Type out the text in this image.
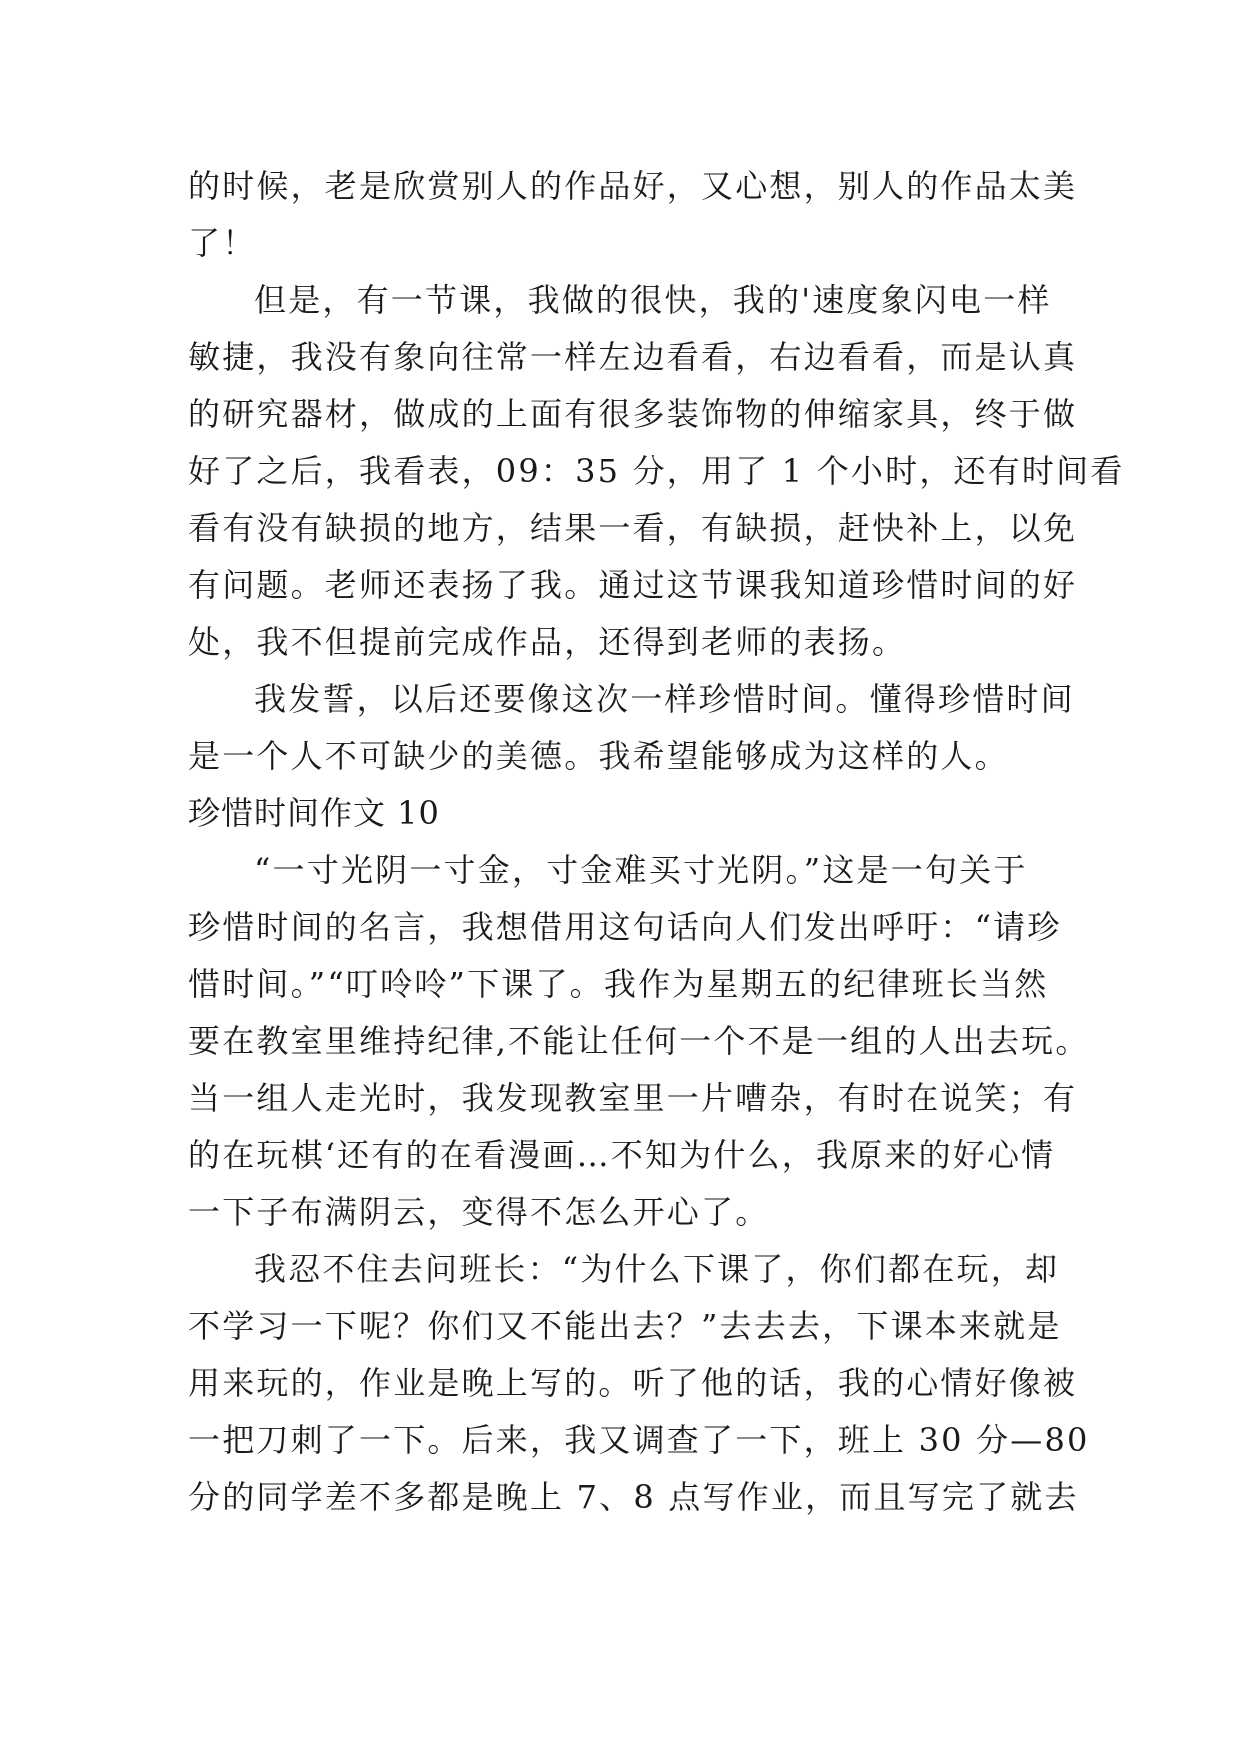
的时候，老是欣赏别人的作品好，又心想，别人的作品太美
了！
但是，有一节课，我做的很快，我的'速度象闪电一样
敏捷，我没有象向往常一样左边看看，右边看看，而是认真
的研究器材，做成的上面有很多装饰物的伸缩家具，终于做
好了之后，我看表，09：35 分，用了 1 个小时，还有时间看
看有没有缺损的地方，结果一看，有缺损，赶快补上，以免
有问题。老师还表扬了我。通过这节课我知道珍惜时间的好
处，我不但提前完成作品，还得到老师的表扬。
我发誓，以后还要像这次一样珍惜时间。懂得珍惜时间
是一个人不可缺少的美德。我希望能够成为这样的人。
珍惜时间作文 10
“一寸光阴一寸金，寸金难买寸光阴。”这是一句关于
珍惜时间的名言，我想借用这句话向人们发出呼吁：“请珍
惜时间。”“叮呤呤”下课了。我作为星期五的纪律班长当然
要在教室里维持纪律,不能让任何一个不是一组的人出去玩。
当一组人走光时，我发现教室里一片嘈杂，有时在说笑；有
的在玩棋‘还有的在看漫画…不知为什么，我原来的好心情
一下子布满阴云，变得不怎么开心了。
我忍不住去问班长：“为什么下课了，你们都在玩，却
不学习一下呢？你们又不能出去？”去去去，下课本来就是
用来玩的，作业是晚上写的。听了他的话，我的心情好像被
一把刀刺了一下。后来，我又调查了一下，班上 30 分—80
分的同学差不多都是晚上 7、8 点写作业，而且写完了就去
